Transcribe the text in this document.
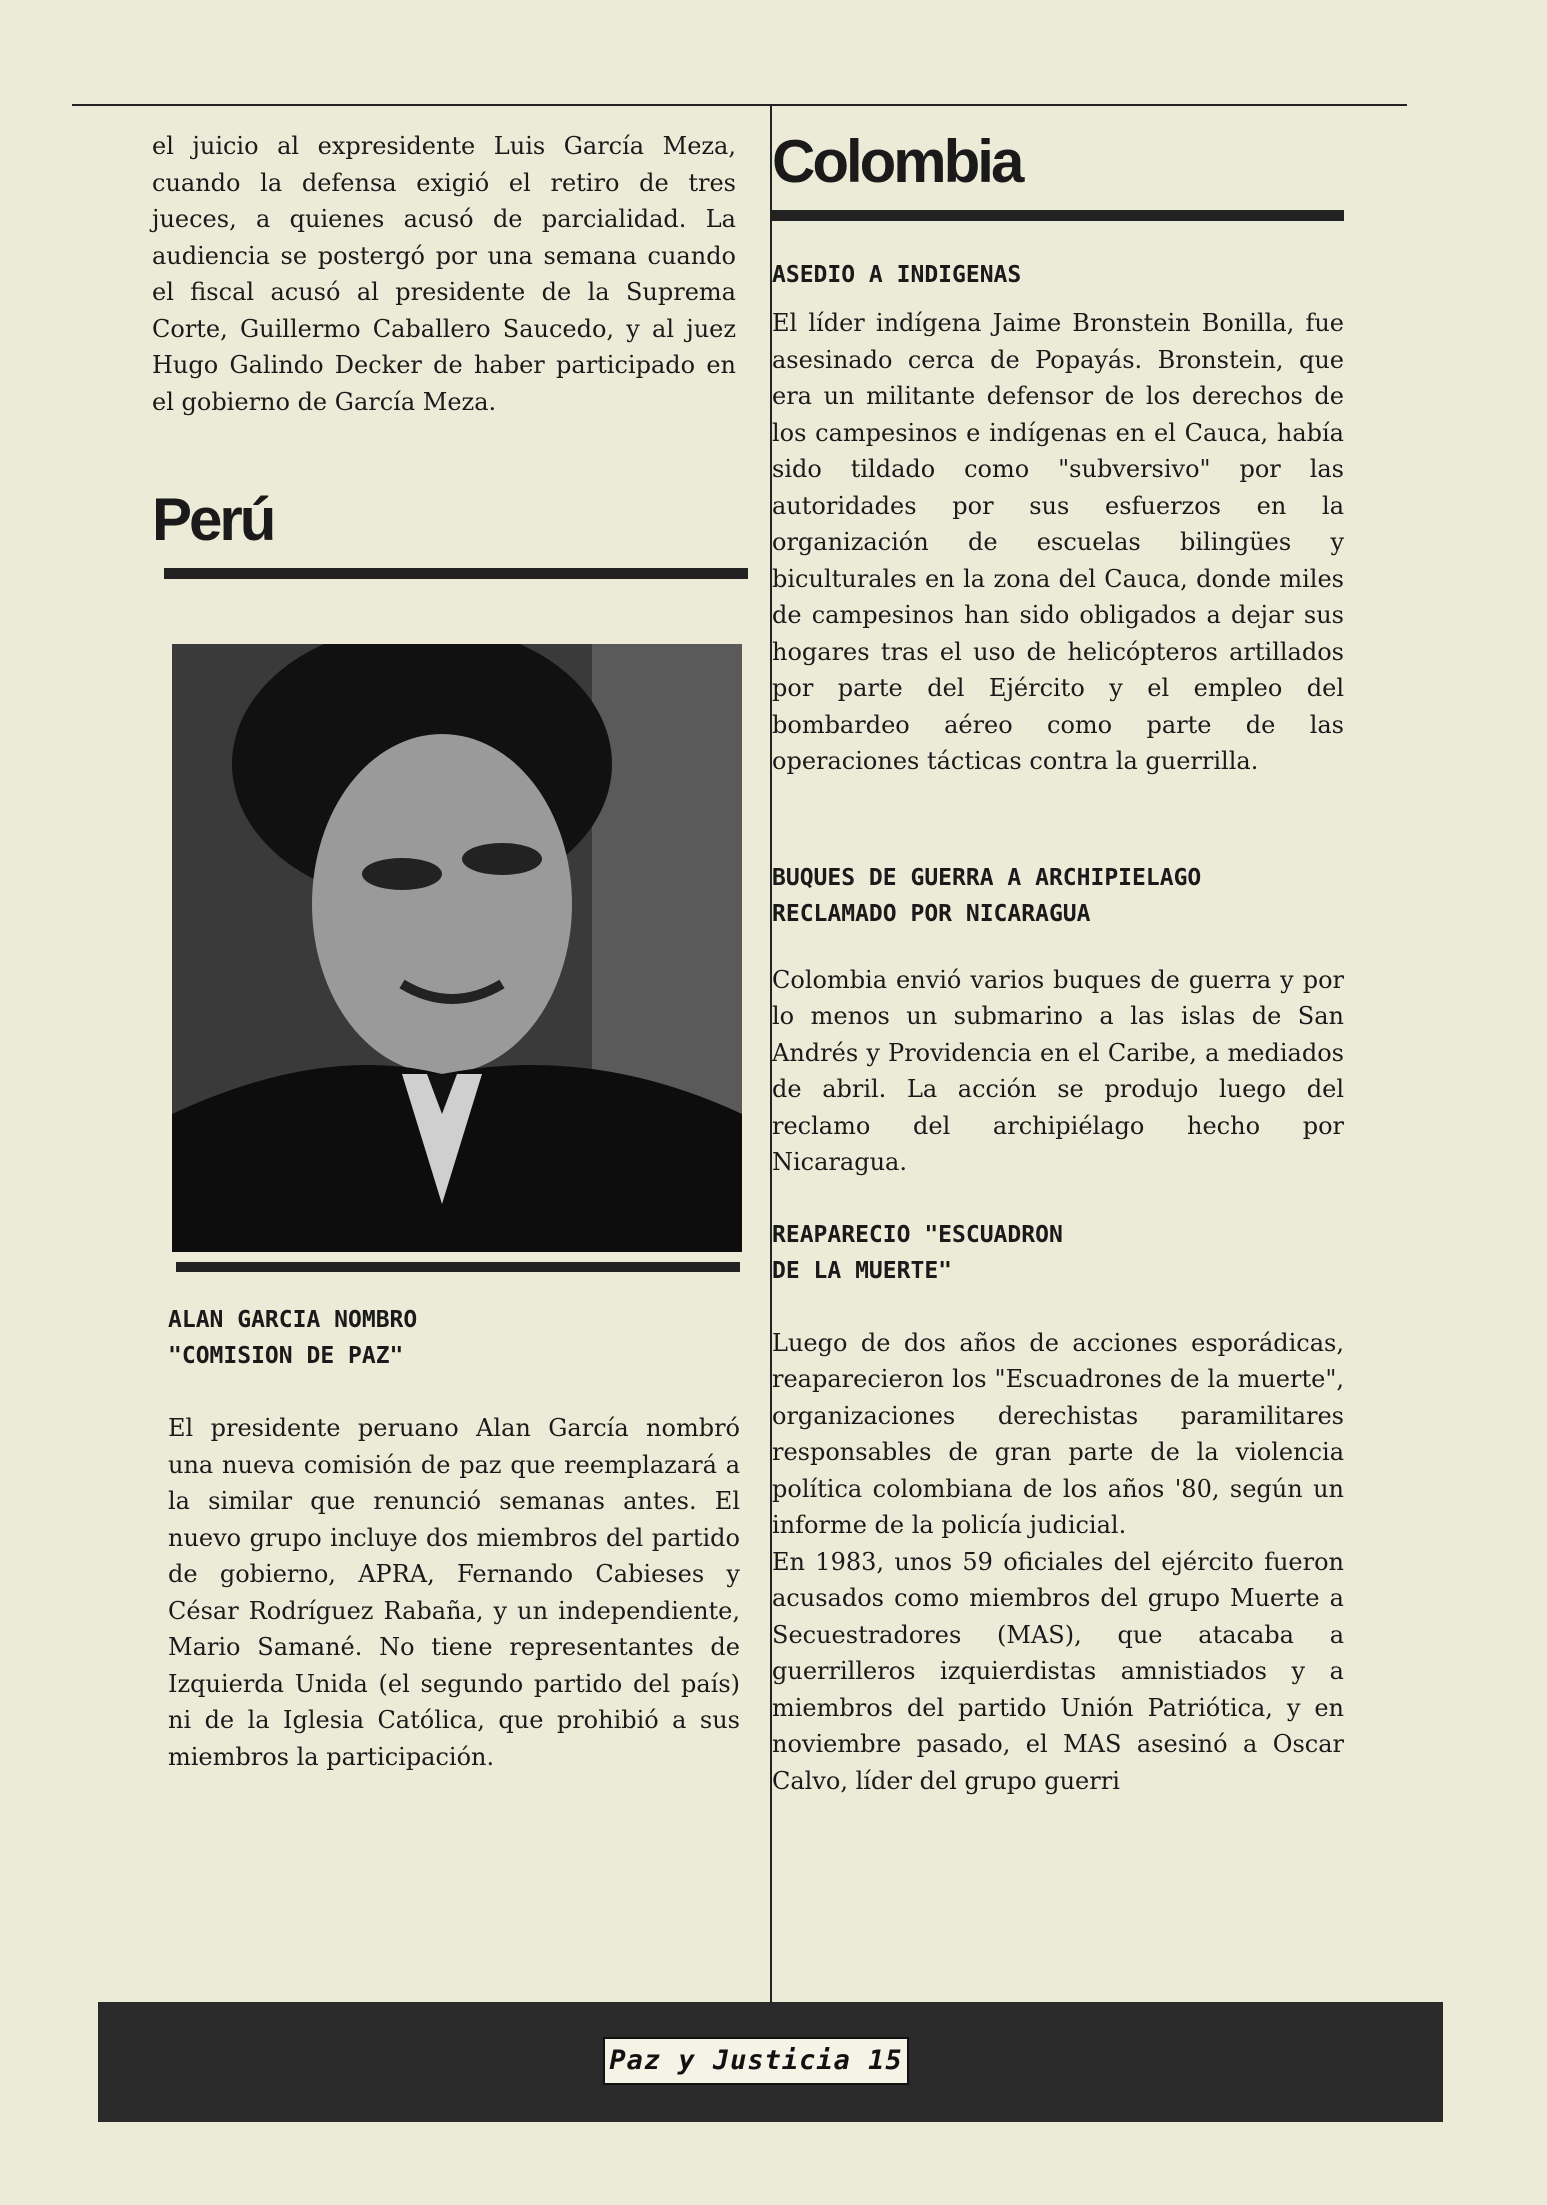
el juicio al expresidente Luis García Meza, cuando la defensa exigió el retiro de tres jueces, a quienes acusó de parcialidad. La audiencia se postergó por una semana cuando el fiscal acusó al presidente de la Suprema Corte, Guillermo Caballero Saucedo, y al juez Hugo Galindo Decker de haber participado en el gobierno de García Meza.

Perú

ALAN GARCIA NOMBRO
"COMISION DE PAZ"

El presidente peruano Alan García nombró una nueva comisión de paz que reemplazará a la similar que renunció semanas antes. El nuevo grupo incluye dos miembros del partido de gobierno, APRA, Fernando Cabieses y César Rodríguez Rabaña, y un independiente, Mario Samané. No tiene representantes de Izquierda Unida (el segundo partido del país) ni de la Iglesia Católica, que prohibió a sus miembros la participación.

Colombia

ASEDIO A INDIGENAS

El líder indígena Jaime Bronstein Bonilla, fue asesinado cerca de Popayás. Bronstein, que era un militante defensor de los derechos de los campesinos e indígenas en el Cauca, había sido tildado como "subversivo" por las autoridades por sus esfuerzos en la organización de escuelas bilingües y biculturales en la zona del Cauca, donde miles de campesinos han sido obligados a dejar sus hogares tras el uso de helicópteros artillados por parte del Ejército y el empleo del bombardeo aéreo como parte de las operaciones tácticas contra la guerrilla.

BUQUES DE GUERRA A ARCHIPIELAGO
RECLAMADO POR NICARAGUA

Colombia envió varios buques de guerra y por lo menos un submarino a las islas de San Andrés y Providencia en el Caribe, a mediados de abril. La acción se produjo luego del reclamo del archipiélago hecho por Nicaragua.

REAPARECIO "ESCUADRON
DE LA MUERTE"

Luego de dos años de acciones esporádicas, reaparecieron los "Escuadrones de la muerte", organizaciones derechistas paramilitares responsables de gran parte de la violencia política colombiana de los años '80, según un informe de la policía judicial.
En 1983, unos 59 oficiales del ejército fueron acusados como miembros del grupo Muerte a Secuestradores (MAS), que atacaba a guerrilleros izquierdistas amnistiados y a miembros del partido Unión Patriótica, y en noviembre pasado, el MAS asesinó a Oscar Calvo, líder del grupo guerri

Paz y Justicia 15
